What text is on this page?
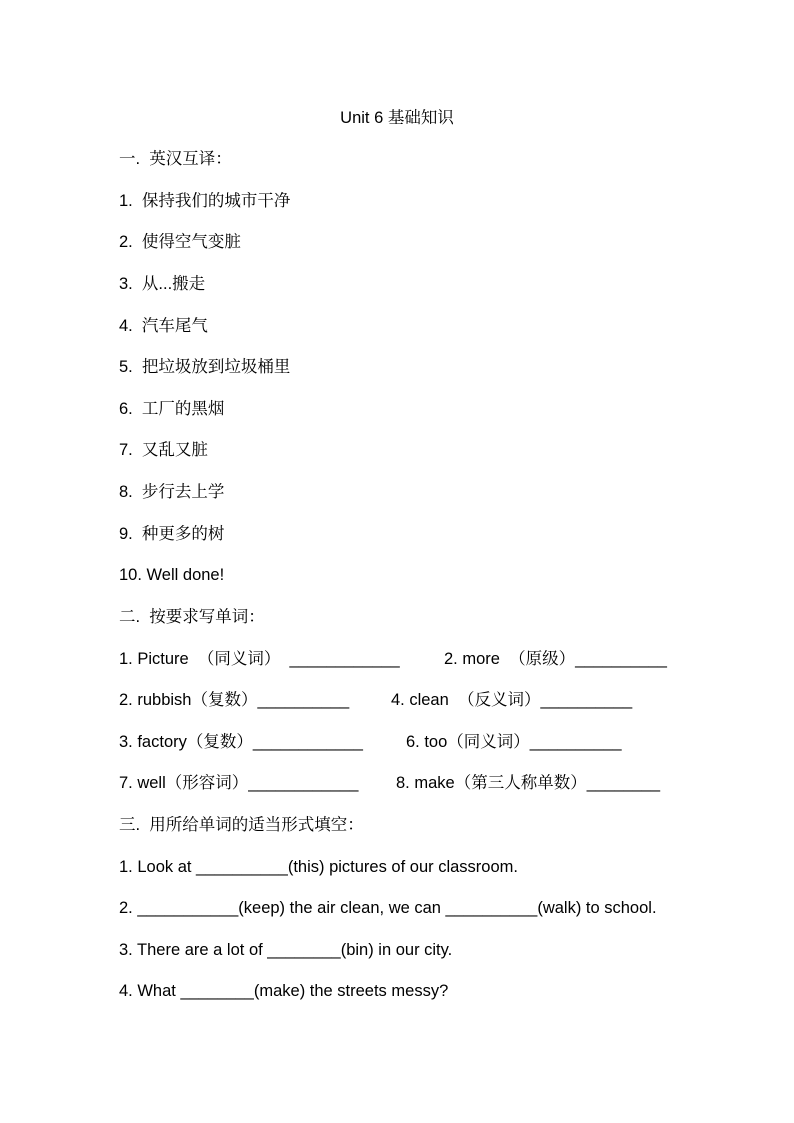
Unit 6 基础知识
一.  英汉互译：
1.  保持我们的城市干净
2.  使得空气变脏
3.  从...搬走
4.  汽车尾气
5.  把垃圾放到垃圾桶里
6.  工厂的黑烟
7.  又乱又脏
8.  步行去上学
9.  种更多的树
10. Well done!
二.  按要求写单词：
1. Picture  （同义词）  ____________	2. more  （原级）__________
2. rubbish（复数）__________	4. clean  （反义词）__________
3. factory（复数）____________	6. too（同义词）__________
7. well（形容词）____________ 8. make（第三人称单数）________
三.  用所给单词的适当形式填空：
1. Look at __________(this) pictures of our classroom.
2. ___________(keep) the air clean, we can __________(walk) to school.
3. There are a lot of ________(bin) in our city.
4. What ________(make) the streets messy?
